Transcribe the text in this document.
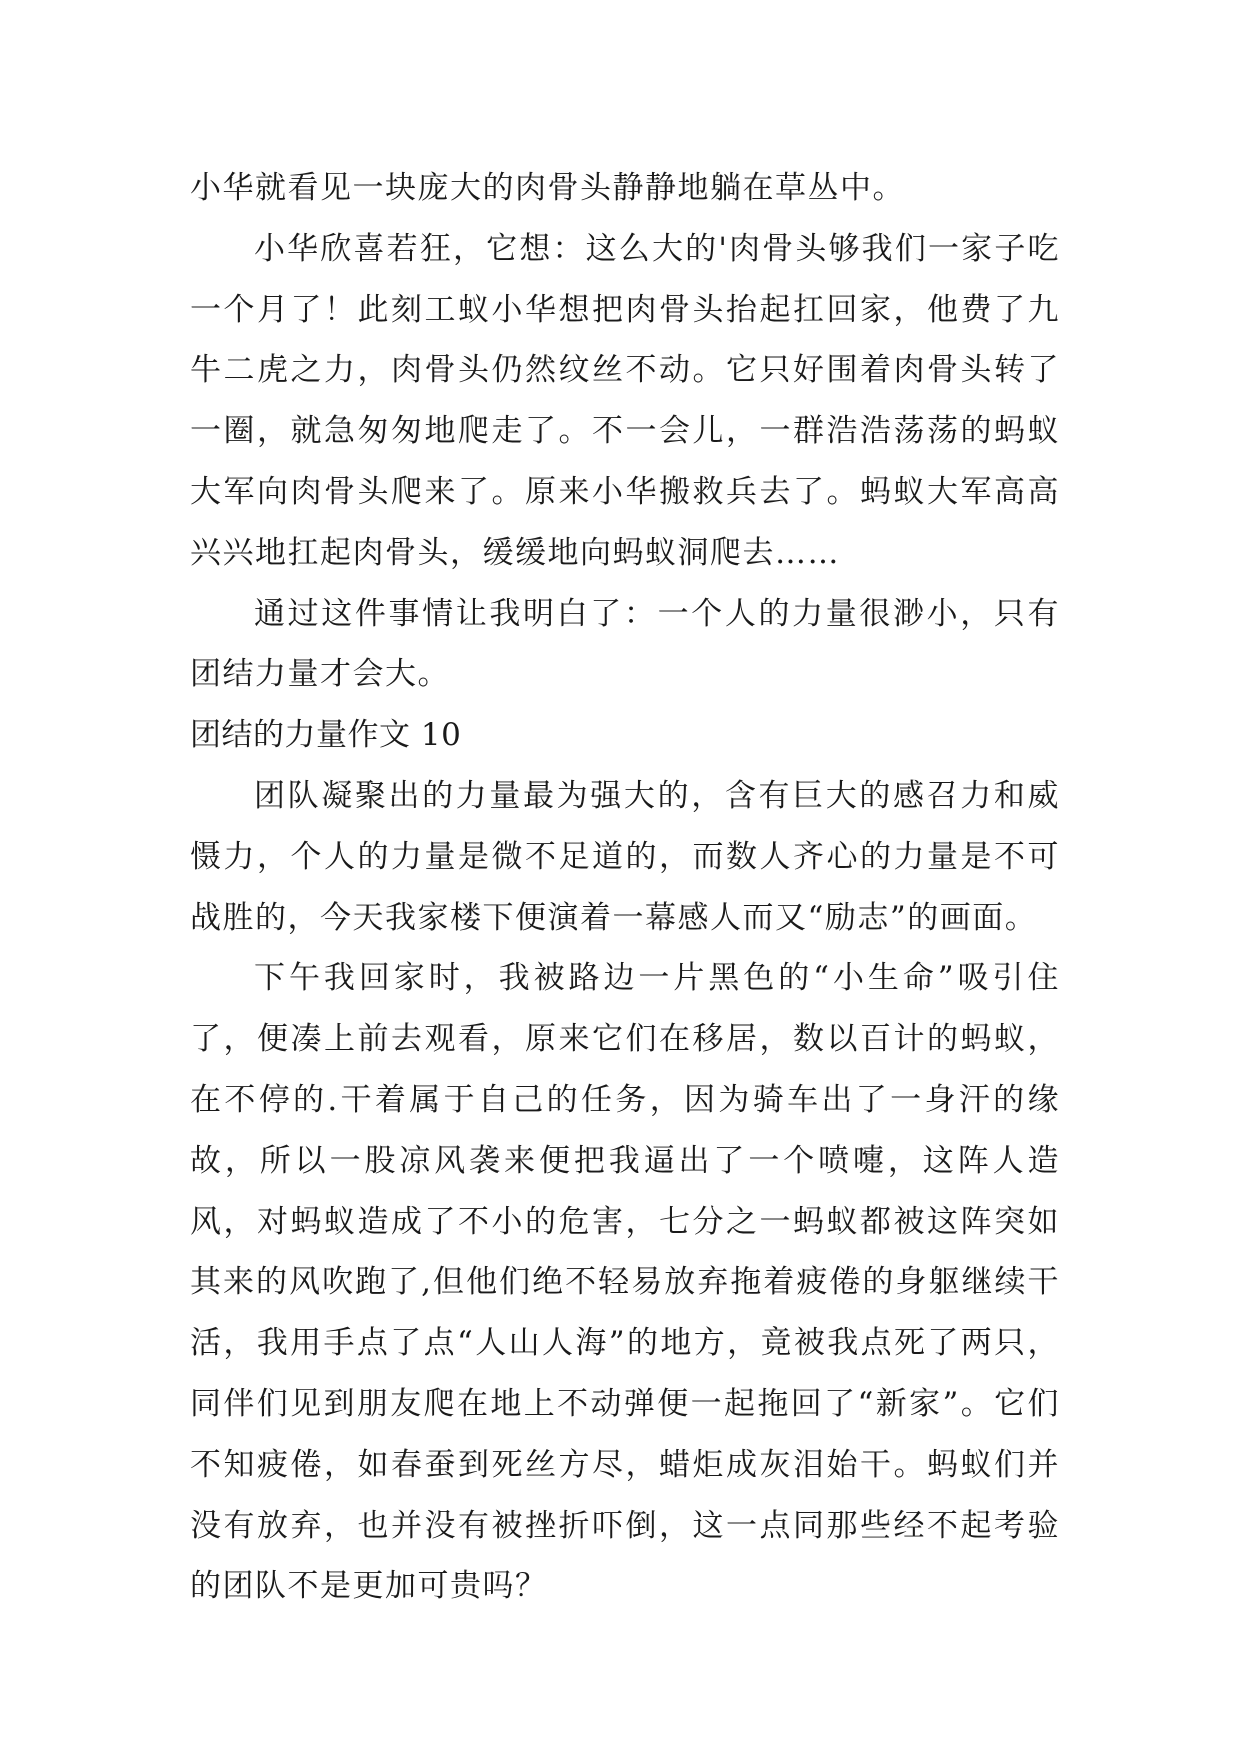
小华就看见一块庞大的肉骨头静静地躺在草丛中。

小华欣喜若狂，它想：这么大的'肉骨头够我们一家子吃一个月了！此刻工蚁小华想把肉骨头抬起扛回家，他费了九牛二虎之力，肉骨头仍然纹丝不动。它只好围着肉骨头转了一圈，就急匆匆地爬走了。不一会儿，一群浩浩荡荡的蚂蚁大军向肉骨头爬来了。原来小华搬救兵去了。蚂蚁大军高高兴兴地扛起肉骨头，缓缓地向蚂蚁洞爬去……

通过这件事情让我明白了：一个人的力量很渺小，只有团结力量才会大。

团结的力量作文 10

团队凝聚出的力量最为强大的，含有巨大的感召力和威慑力，个人的力量是微不足道的，而数人齐心的力量是不可战胜的，今天我家楼下便演着一幕感人而又“励志”的画面。

下午我回家时，我被路边一片黑色的“小生命”吸引住了，便凑上前去观看，原来它们在移居，数以百计的蚂蚁，在不停的.干着属于自己的任务，因为骑车出了一身汗的缘故，所以一股凉风袭来便把我逼出了一个喷嚏，这阵人造风，对蚂蚁造成了不小的危害，七分之一蚂蚁都被这阵突如其来的风吹跑了,但他们绝不轻易放弃拖着疲倦的身躯继续干活，我用手点了点“人山人海”的地方，竟被我点死了两只，同伴们见到朋友爬在地上不动弹便一起拖回了“新家”。它们不知疲倦，如春蚕到死丝方尽，蜡炬成灰泪始干。蚂蚁们并没有放弃，也并没有被挫折吓倒，这一点同那些经不起考验的团队不是更加可贵吗？
